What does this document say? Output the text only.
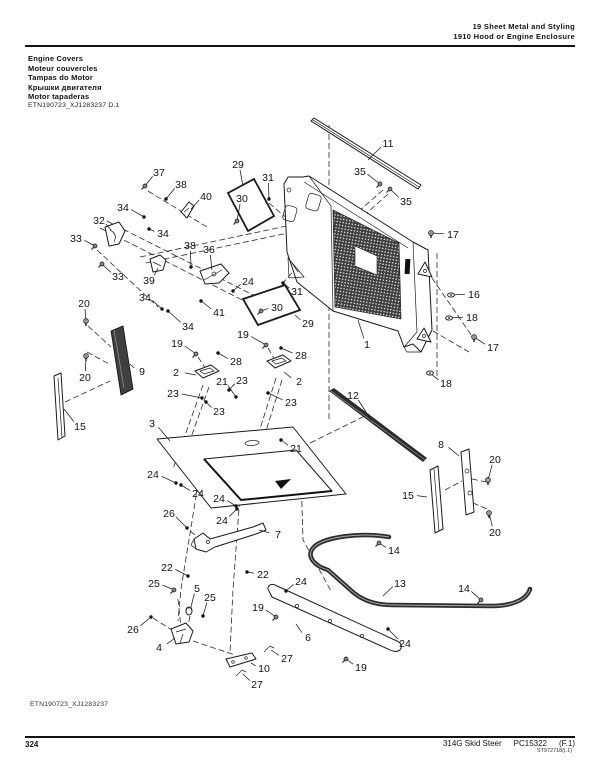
19 Sheet Metal and Styling
1910 Hood or Engine Enclosure
Engine Covers
Moteur couvercles
Tampas do Motor
Крышки двигателя
Motor tapaderas
ETN190723_XJ1283237 D.1
11
35
35
37
38
40
34
32
33	34
38 36
33 39
34
34
41
24
29
30
31
31
30
29
17
16
18
17
18
1
20
20	9
15
19
19
28	28
2
2
21 23
23
23
23
3
21
12
24
24 24
24
26
7
22
22
25	5
25
24
19
26
4
6
27
10
27
19
24
13
14
14
8
20
15
20
ETN190723_XJ1283237
324	314G Skid Steer PC15322 (F.1)
ST972718(I.1)
